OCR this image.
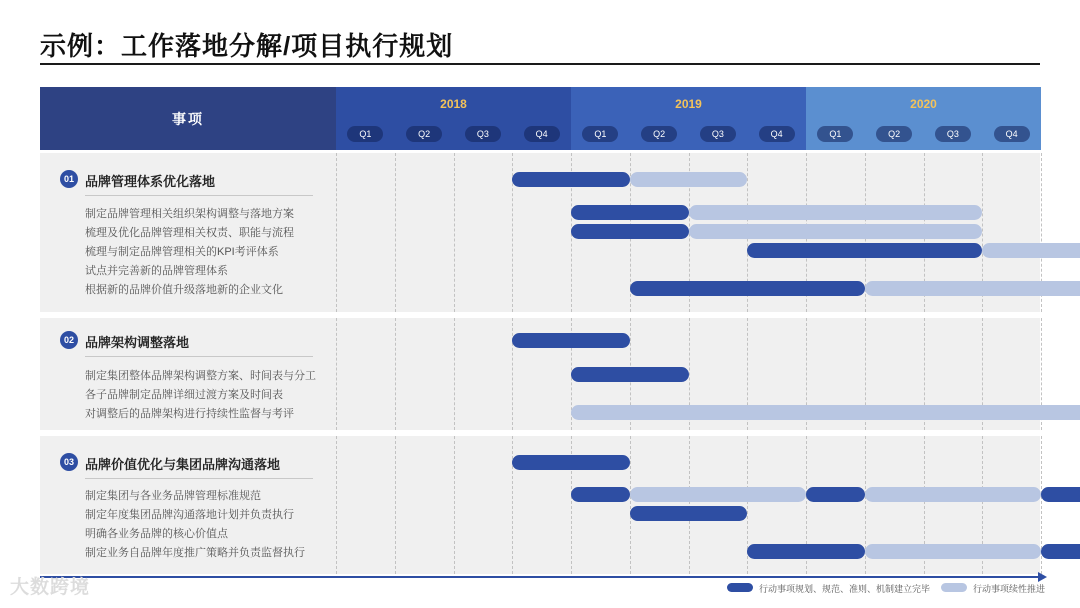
示例：工作落地分解/项目执行规划
事项
2018
Q1	Q2	Q3	Q4
2019
Q1	Q2	Q3	Q4
2020
Q1	Q2	Q3	Q4
01 品牌管理体系优化落地
制定品牌管理相关组织架构调整与落地方案
梳理及优化品牌管理相关权责、职能与流程
梳理与制定品牌管理相关的KPI考评体系
试点并完善新的品牌管理体系
根据新的品牌价值升级落地新的企业文化
02 品牌架构调整落地
制定集团整体品牌架构调整方案、时间表与分工
各子品牌制定品牌详细过渡方案及时间表
对调整后的品牌架构进行持续性监督与考评
03 品牌价值优化与集团品牌沟通落地
制定集团与各业务品牌管理标准规范
制定年度集团品牌沟通落地计划并负责执行
明确各业务品牌的核心价值点
制定业务自品牌年度推广策略并负责监督执行
行动事项规划、规范、准则、机制建立完毕	行动事项续性推进
大数跨境
